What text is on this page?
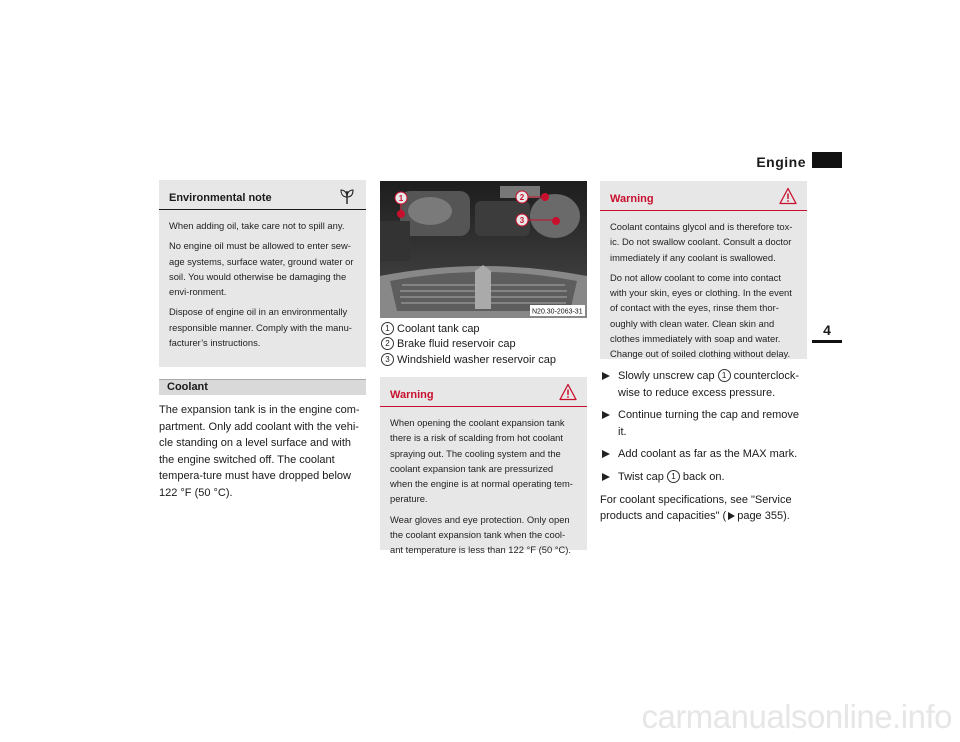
Engine
4
Environmental note

When adding oil, take care not to spill any.

No engine oil must be allowed to enter sew-age systems, surface water, ground water or soil. You would otherwise be damaging the envi-ronment.

Dispose of engine oil in an environmentally responsible manner. Comply with the manu-facturer’s instructions.

Coolant
The expansion tank is in the engine com-partment. Only add coolant with the vehi-cle standing on a level surface and with the engine switched off. The coolant tempera-ture must have dropped below 122 °F (50 °C).
N20.30-2063-31
1	2
3
1 Coolant tank cap
2 Brake fluid reservoir cap
3 Windshield washer reservoir cap
Warning

When opening the coolant expansion tank there is a risk of scalding from hot coolant spraying out. The cooling system and the coolant expansion tank are pressurized when the engine is at normal operating tem-perature.

Wear gloves and eye protection. Only open the coolant expansion tank when the cool-ant temperature is less than 122 °F (50 °C).

Warning

Coolant contains glycol and is therefore tox-ic. Do not swallow coolant. Consult a doctor immediately if any coolant is swallowed.

Do not allow coolant to come into contact with your skin, eyes or clothing. In the event of contact with the eyes, rinse them thor-oughly with clean water. Clean skin and clothes immediately with soap and water. Change out of soiled clothing without delay.

Slowly unscrew cap 1 counterclock-wise to reduce excess pressure.
Continue turning the cap and remove it.
Add coolant as far as the MAX mark.
Twist cap 1 back on.
For coolant specifications, see "Service products and capacities" ( page 355).
carmanualsonline.info
